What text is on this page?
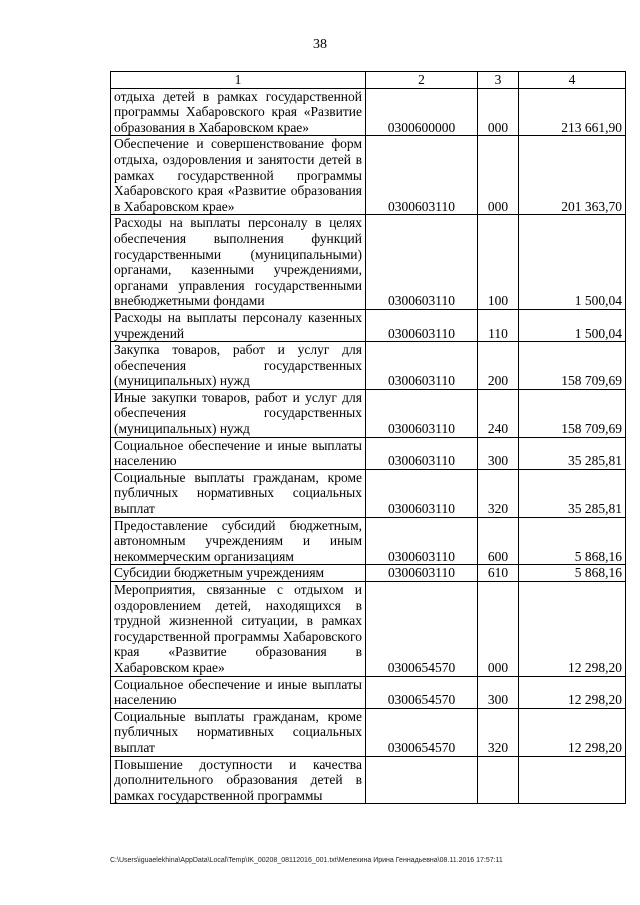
38
1	2	3	4
отдыха детей в рамках государственной программы Хабаровского края «Развитие образования в Хабаровском крае»	0300600000	000	213 661,90
Обеспечение и совершенствование форм отдыха, оздоровления и занятости детей в рамках государственной программы Хабаровского края «Развитие образования в Хабаровском крае»	0300603110	000	201 363,70
Расходы на выплаты персоналу в целях обеспечения выполнения функций государственными (муниципальными) органами, казенными учреждениями, органами управления государственными внебюджетными фондами	0300603110	100	1 500,04
Расходы на выплаты персоналу казенных учреждений	0300603110	110	1 500,04
Закупка товаров, работ и услуг для обеспечения государственных (муниципальных) нужд	0300603110	200	158 709,69
Иные закупки товаров, работ и услуг для обеспечения государственных (муниципальных) нужд	0300603110	240	158 709,69
Социальное обеспечение и иные выплаты населению	0300603110	300	35 285,81
Социальные выплаты гражданам, кроме публичных нормативных социальных выплат	0300603110	320	35 285,81
Предоставление субсидий бюджетным, автономным учреждениям и иным некоммерческим организациям	0300603110	600	5 868,16
Субсидии бюджетным учреждениям	0300603110	610	5 868,16
Мероприятия, связанные с отдыхом и оздоровлением детей, находящихся в трудной жизненной ситуации, в рамках государственной программы Хабаровского края «Развитие образования в Хабаровском крае»	0300654570	000	12 298,20
Социальное обеспечение и иные выплаты населению	0300654570	300	12 298,20
Социальные выплаты гражданам, кроме публичных нормативных социальных выплат	0300654570	320	12 298,20
Повышение доступности и качества дополнительного образования детей в рамках государственной программы			
C:\Users\iguaelekhina\AppData\Local\Temp\IK_00208_08112016_001.txt\Мелехина Ирина Геннадьевна\08.11.2016 17:57:11
